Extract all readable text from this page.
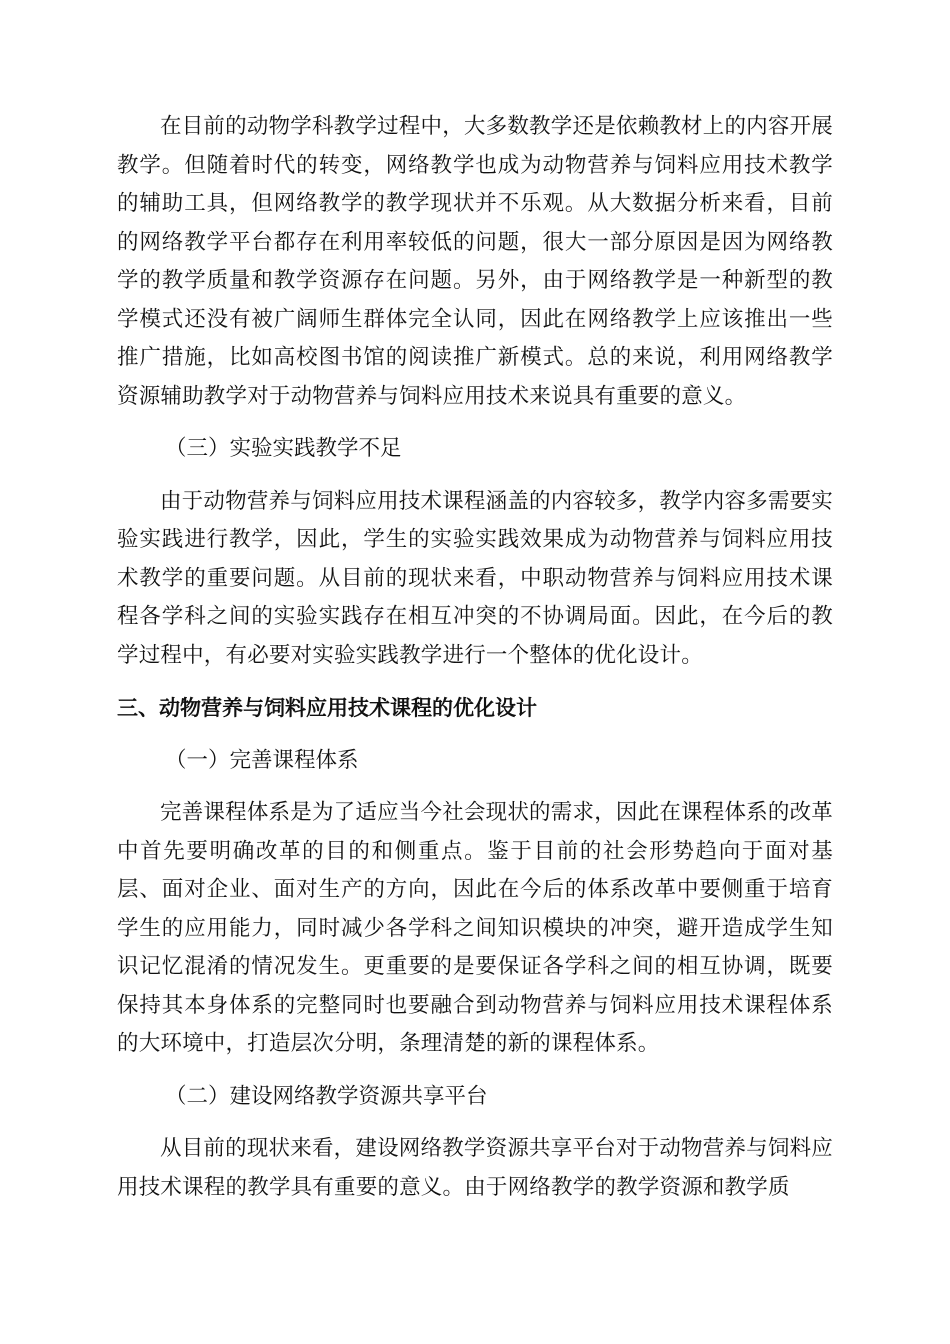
在目前的动物学科教学过程中，大多数教学还是依赖教材上的内容开展教学。但随着时代的转变，网络教学也成为动物营养与饲料应用技术教学的辅助工具，但网络教学的教学现状并不乐观。从大数据分析来看，目前的网络教学平台都存在利用率较低的问题，很大一部分原因是因为网络教学的教学质量和教学资源存在问题。另外，由于网络教学是一种新型的教学模式还没有被广阔师生群体完全认同，因此在网络教学上应该推出一些推广措施，比如高校图书馆的阅读推广新模式。总的来说，利用网络教学资源辅助教学对于动物营养与饲料应用技术来说具有重要的意义。

（三）实验实践教学不足

由于动物营养与饲料应用技术课程涵盖的内容较多，教学内容多需要实验实践进行教学，因此，学生的实验实践效果成为动物营养与饲料应用技术教学的重要问题。从目前的现状来看，中职动物营养与饲料应用技术课程各学科之间的实验实践存在相互冲突的不协调局面。因此，在今后的教学过程中，有必要对实验实践教学进行一个整体的优化设计。

三、动物营养与饲料应用技术课程的优化设计

（一）完善课程体系

完善课程体系是为了适应当今社会现状的需求，因此在课程体系的改革中首先要明确改革的目的和侧重点。鉴于目前的社会形势趋向于面对基层、面对企业、面对生产的方向，因此在今后的体系改革中要侧重于培育学生的应用能力，同时减少各学科之间知识模块的冲突，避开造成学生知识记忆混淆的情况发生。更重要的是要保证各学科之间的相互协调，既要保持其本身体系的完整同时也要融合到动物营养与饲料应用技术课程体系的大环境中，打造层次分明，条理清楚的新的课程体系。

（二）建设网络教学资源共享平台

从目前的现状来看，建设网络教学资源共享平台对于动物营养与饲料应用技术课程的教学具有重要的意义。由于网络教学的教学资源和教学质
